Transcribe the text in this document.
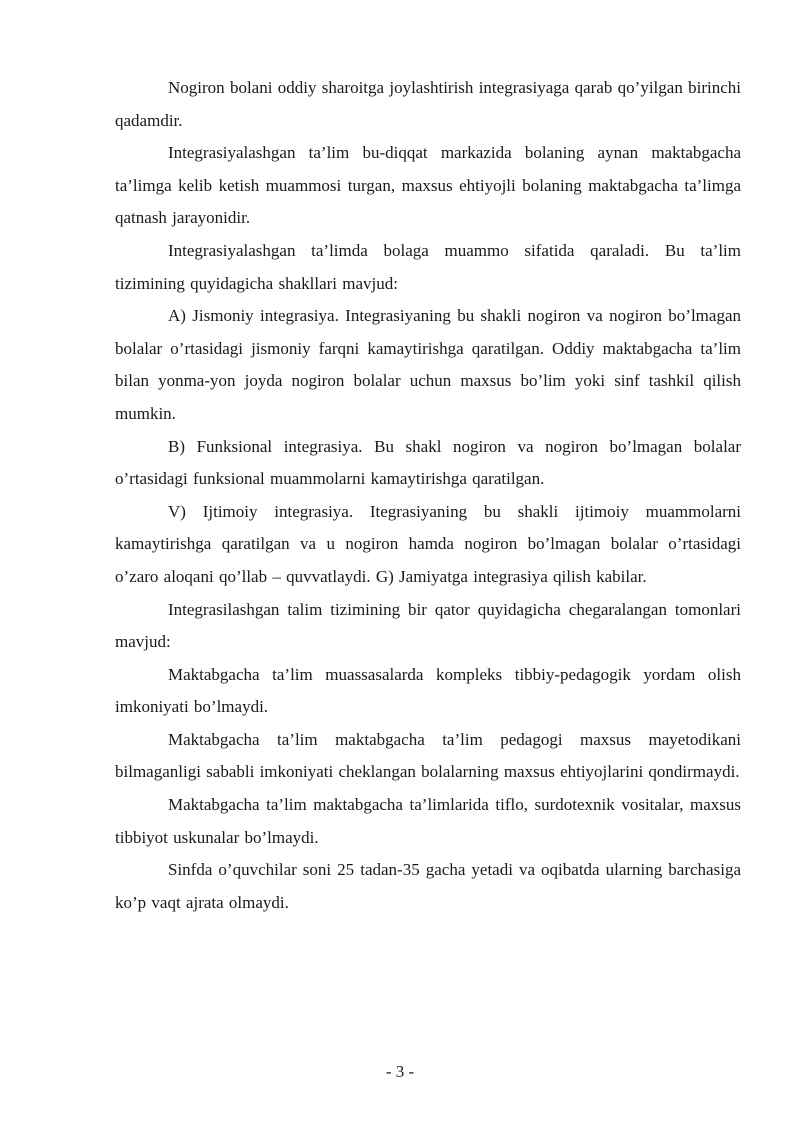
Nogiron bolani oddiy sharoitga joylashtirish integrasiyaga qarab qo’yilgan birinchi qadamdir.

Integrasiyalashgan ta’lim bu-diqqat markazida bolaning aynan maktabgacha ta’limga kelib ketish muammosi turgan, maxsus ehtiyojli bolaning maktabgacha ta’limga qatnash jarayonidir.

Integrasiyalashgan ta’limda bolaga muammo sifatida qaraladi. Bu ta’lim tizimining quyidagicha shakllari mavjud:

A) Jismoniy integrasiya. Integrasiyaning bu shakli nogiron va nogiron bo’lmagan bolalar o’rtasidagi jismoniy farqni kamaytirishga qaratilgan. Oddiy maktabgacha ta’lim bilan yonma-yon joyda nogiron bolalar uchun maxsus bo’lim yoki sinf tashkil qilish mumkin.

B) Funksional integrasiya. Bu shakl nogiron va nogiron bo’lmagan bolalar o’rtasidagi funksional muammolarni kamaytirishga qaratilgan.

V) Ijtimoiy integrasiya. Itegrasiyaning bu shakli ijtimoiy muammolarni kamaytirishga qaratilgan va u nogiron hamda nogiron bo’lmagan bolalar o’rtasidagi o’zaro aloqani qo’llab – quvvatlaydi. G) Jamiyatga integrasiya qilish kabilar.

Integrasilashgan talim tizimining bir qator quyidagicha chegaralangan tomonlari mavjud:

Maktabgacha ta’lim muassasalarda kompleks tibbiy-pedagogik yordam olish imkoniyati bo’lmaydi.

Maktabgacha ta’lim maktabgacha ta’lim pedagogi maxsus mayetodikani bilmaganligi sababli imkoniyati cheklangan bolalarning maxsus ehtiyojlarini qondirmaydi.

Maktabgacha ta’lim maktabgacha ta’limlarida tiflo, surdotexnik vositalar, maxsus tibbiyot uskunalar bo’lmaydi.

Sinfda o’quvchilar soni 25 tadan-35 gacha yetadi va oqibatda ularning barchasiga ko’p vaqt ajrata olmaydi.

- 3 -
